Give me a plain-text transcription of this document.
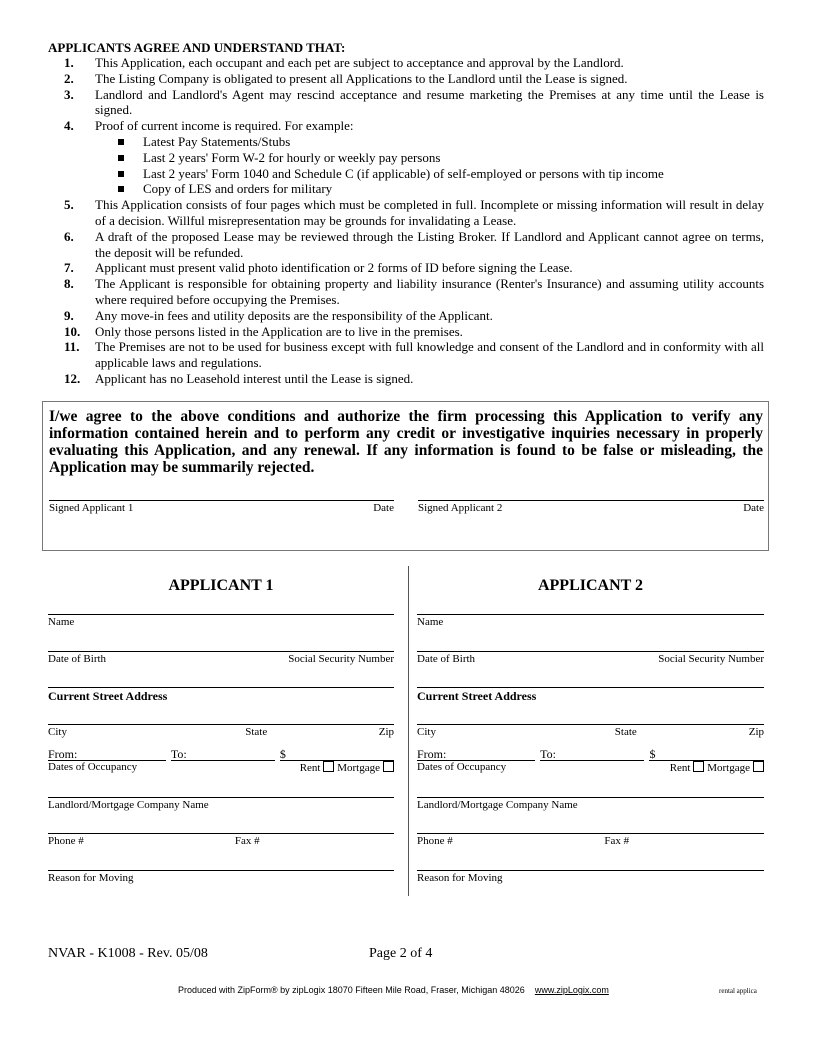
APPLICANTS AGREE AND UNDERSTAND THAT:
1.	This Application, each occupant and each pet are subject to acceptance and approval by the Landlord.
2.	The Listing Company is obligated to present all Applications to the Landlord until the Lease is signed.
3.	Landlord and Landlord's Agent may rescind acceptance and resume marketing the Premises at any time until the Lease is signed.
4.	Proof of current income is required. For example:
Latest Pay Statements/Stubs
Last 2 years' Form W-2 for hourly or weekly pay persons
Last 2 years' Form 1040 and Schedule C (if applicable) of self-employed or persons with tip income
Copy of LES and orders for military
5.	This Application consists of four pages which must be completed in full. Incomplete or missing information will result in delay of a decision. Willful misrepresentation may be grounds for invalidating a Lease.
6.	A draft of the proposed Lease may be reviewed through the Listing Broker. If Landlord and Applicant cannot agree on terms, the deposit will be refunded.
7.	Applicant must present valid photo identification or 2 forms of ID before signing the Lease.
8.	The Applicant is responsible for obtaining property and liability insurance (Renter's Insurance) and assuming utility accounts where required before occupying the Premises.
9.	Any move-in fees and utility deposits are the responsibility of the Applicant.
10.	Only those persons listed in the Application are to live in the premises.
11.	The Premises are not to be used for business except with full knowledge and consent of the Landlord and in conformity with all applicable laws and regulations.
12.	Applicant has no Leasehold interest until the Lease is signed.
I/we agree to the above conditions and authorize the firm processing this Application to verify any information contained herein and to perform any credit or investigative inquiries necessary in properly evaluating this Application, and any renewal. If any information is found to be false or misleading, the Application may be summarily rejected.
Signed Applicant 1	Date Signed Applicant 2	Date
APPLICANT 1
Name
Date of Birth	Social Security Number
Current Street Address
City	State	Zip
From:	To:	$
Dates of Occupancy	Rent Mortgage
Landlord/Mortgage Company Name
Phone #	Fax #
Reason for Moving
APPLICANT 2
Name
Date of Birth	Social Security Number
Current Street Address
City	State	Zip
From:	To:	$
Dates of Occupancy	Rent Mortgage
Landlord/Mortgage Company Name
Phone #	Fax #
Reason for Moving
NVAR - K1008 - Rev. 05/08	Page 2 of 4
Produced with ZipForm® by zipLogix 18070 Fifteen Mile Road, Fraser, Michigan 48026 www.zipLogix.com	rental applica
